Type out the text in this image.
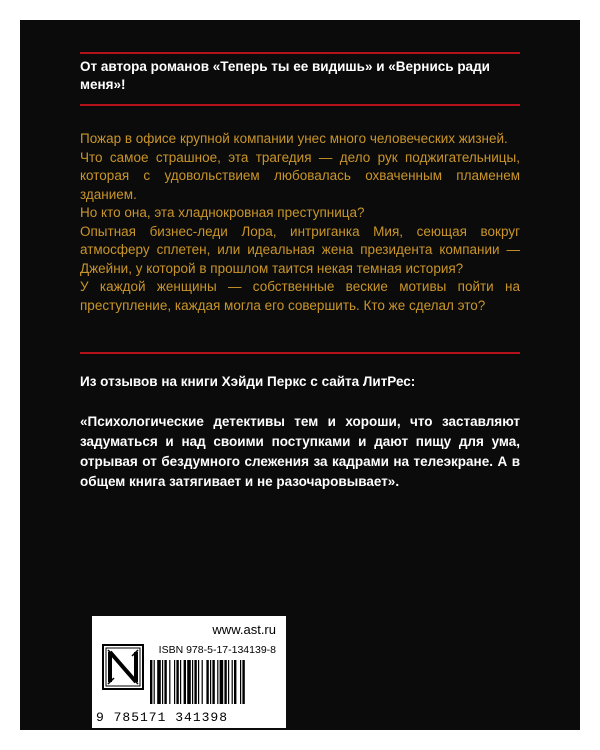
От автора романов «Теперь ты ее видишь» и «Вернись ради меня»!

Пожар в офисе крупной компании унес много человеческих жизней.

Что самое страшное, эта трагедия — дело рук поджигательницы, которая с удовольствием любовалась охваченным пламенем зданием.

Но кто она, эта хладнокровная преступница?

Опытная бизнес-леди Лора, интриганка Мия, сеющая вокруг атмосферу сплетен, или идеальная жена президента компании — Джейни, у которой в прошлом таится некая темная история?

У каждой женщины — собственные веские мотивы пойти на преступление, каждая могла его совершить. Кто же сделал это?

Из отзывов на книги Хэйди Перкс с сайта ЛитРес:
«Психологические детективы тем и хороши, что заставляют задуматься и над своими поступками и дают пищу для ума, отрывая от бездумного слежения за кадрами на телеэкране. А в общем книга затягивает и не разочаровывает».
www.ast.ru
ISBN 978-5-17-134139-8
9 785171 341398
